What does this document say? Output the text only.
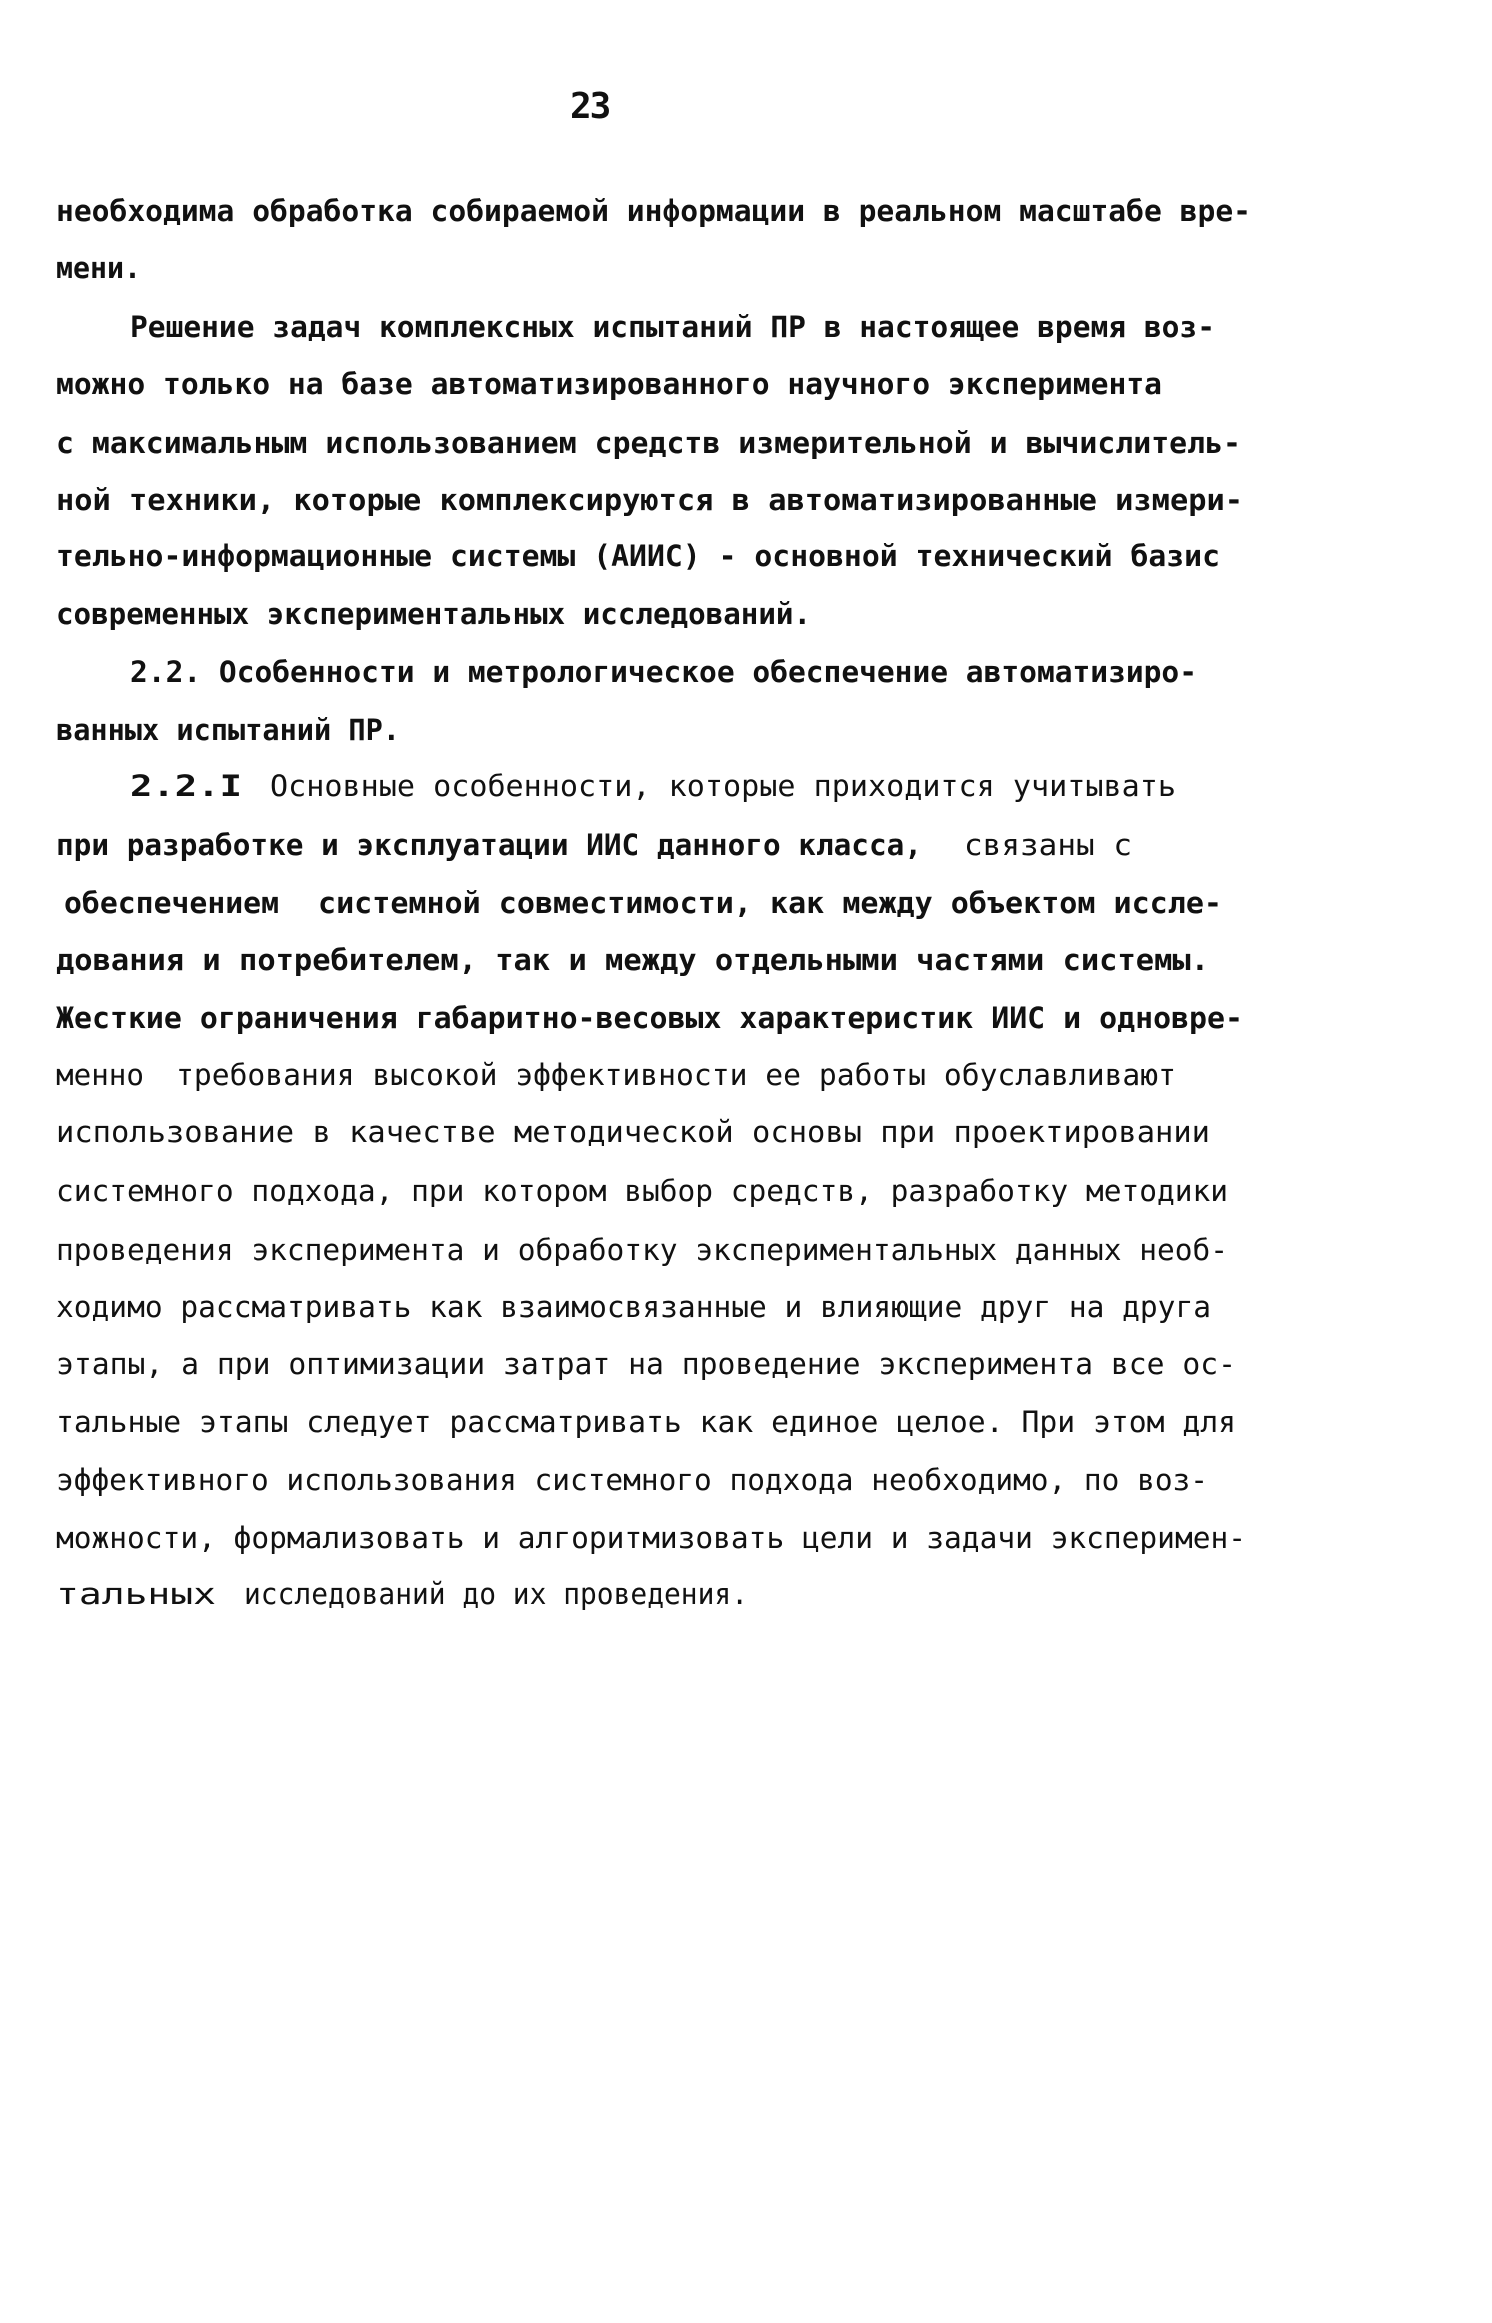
23
необходима обработка собираемой информации в реальном масштабе вре-
мени.
Решение задач комплексных испытаний ПР в настоящее время воз-
можно только на базе автоматизированного научного эксперимента
с максимальным использованием средств измерительной и вычислитель-
ной техники, которые комплексируются в автоматизированные измери-
тельно-информационные системы (АИИС) - основной технический базис
современных экспериментальных исследований.
2.2. Особенности и метрологическое обеспечение автоматизиро-
ванных испытаний ПР.
2.2.I Основные особенности, которые приходится учитывать
при разработке и эксплуатации ИИС данного класса, связаны с
обеспечением системной совместимости, как между объектом иссле-
дования и потребителем, так и между отдельными частями системы.
Жесткие ограничения габаритно-весовых характеристик ИИС и одновре-
менно требования высокой эффективности ее работы обуславливают
использование в качестве методической основы при проектировании
системного подхода, при котором выбор средств, разработку методики
проведения эксперимента и обработку экспериментальных данных необ-
ходимо рассматривать как взаимосвязанные и влияющие друг на друга
этапы, а при оптимизации затрат на проведение эксперимента все ос-
тальные этапы следует рассматривать как единое целое. При этом для
эффективного использования системного подхода необходимо, по воз-
можности, формализовать и алгоритмизовать цели и задачи эксперимен-
тальных исследований до их проведения.
